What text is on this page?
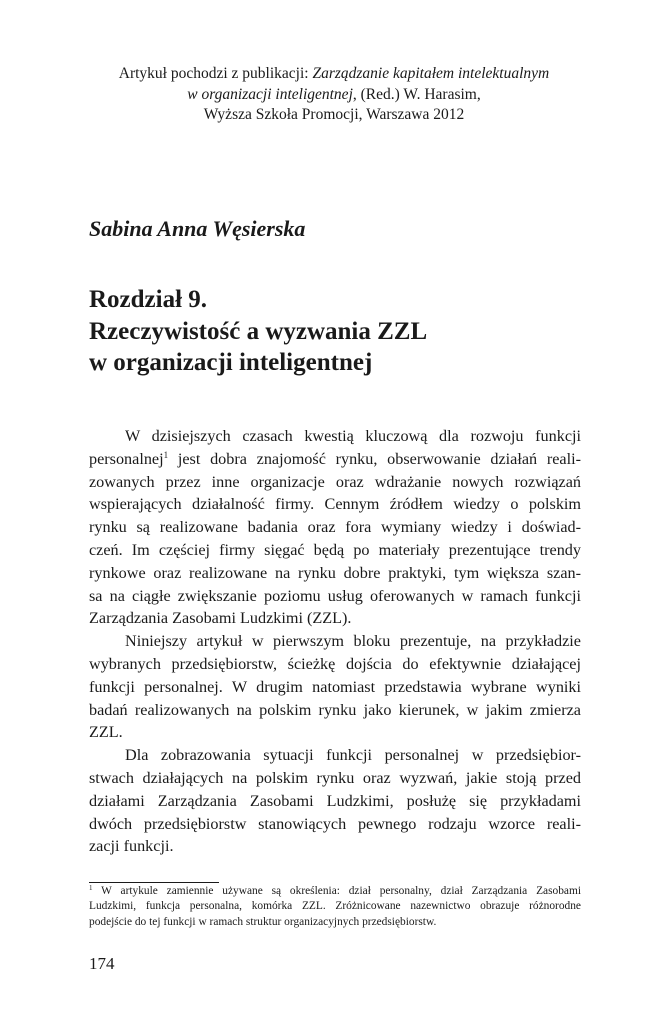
Artykuł pochodzi z publikacji: Zarządzanie kapitałem intelektualnym
w organizacji inteligentnej, (Red.) W. Harasim,
Wyższa Szkoła Promocji, Warszawa 2012
Sabina Anna Węsierska
Rozdział 9.
Rzeczywistość a wyzwania ZZL
w organizacji inteligentnej
W dzisiejszych czasach kwestią kluczową dla rozwoju funkcji
personalnej$^1$ jest dobra znajomość rynku, obserwowanie działań reali-
zowanych przez inne organizacje oraz wdrażanie nowych rozwiązań
wspierających działalność firmy. Cennym źródłem wiedzy o polskim
rynku są realizowane badania oraz fora wymiany wiedzy i doświad-
czeń. Im częściej firmy sięgać będą po materiały prezentujące trendy
rynkowe oraz realizowane na rynku dobre praktyki, tym większa szan-
sa na ciągłe zwiększanie poziomu usług oferowanych w ramach funkcji
Zarządzania Zasobami Ludzkimi (ZZL).
Niniejszy artykuł w pierwszym bloku prezentuje, na przykładzie
wybranych przedsiębiorstw, ścieżkę dojścia do efektywnie działającej
funkcji personalnej. W drugim natomiast przedstawia wybrane wyniki
badań realizowanych na polskim rynku jako kierunek, w jakim zmierza
ZZL.
Dla zobrazowania sytuacji funkcji personalnej w przedsiębior-
stwach działających na polskim rynku oraz wyzwań, jakie stoją przed
działami Zarządzania Zasobami Ludzkimi, posłużę się przykładami
dwóch przedsiębiorstw stanowiących pewnego rodzaju wzorce reali-
zacji funkcji.
$^1$ W artykule zamiennie używane są określenia: dział personalny, dział Zarządzania Zasobami
Ludzkimi, funkcja personalna, komórka ZZL. Zróżnicowane nazewnictwo obrazuje różnorodne
podejście do tej funkcji w ramach struktur organizacyjnych przedsiębiorstw.
174
